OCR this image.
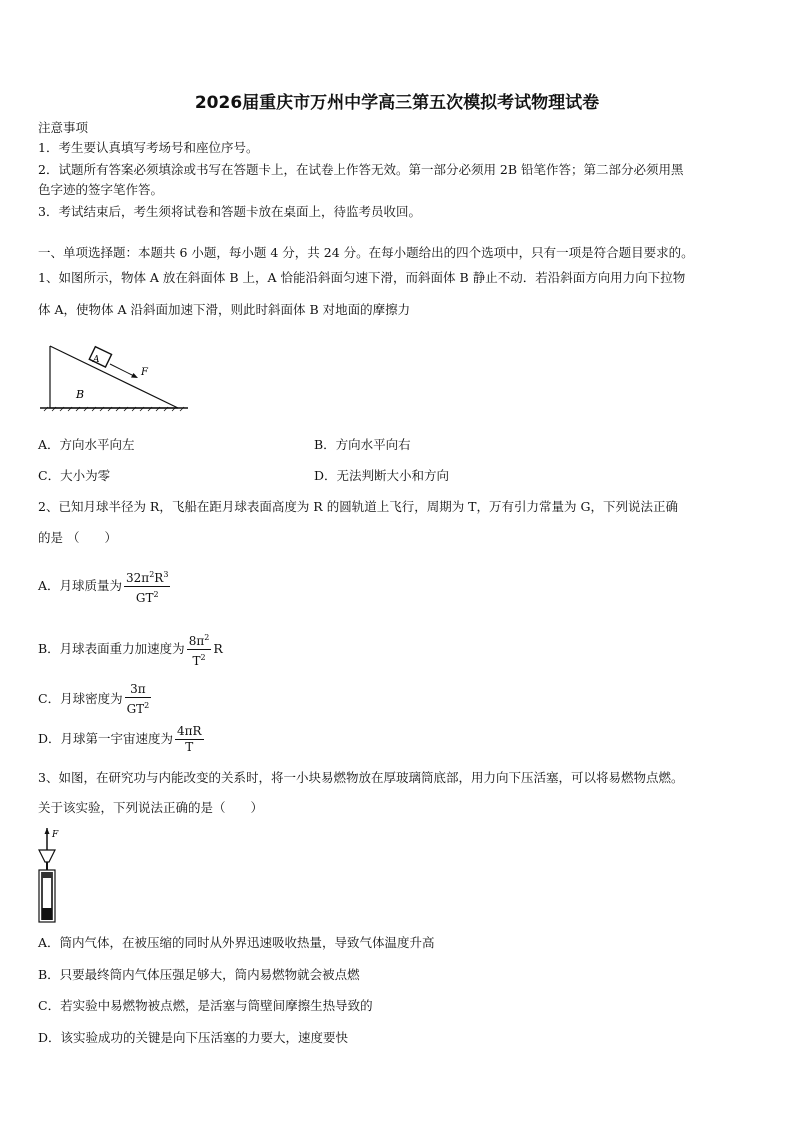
2026届重庆市万州中学高三第五次模拟考试物理试卷
注意事项
1．考生要认真填写考场号和座位序号。
2．试题所有答案必须填涂或书写在答题卡上，在试卷上作答无效。第一部分必须用 2B 铅笔作答；第二部分必须用黑
色字迹的签字笔作答。
3．考试结束后，考生须将试卷和答题卡放在桌面上，待监考员收回。
一、单项选择题：本题共 6 小题，每小题 4 分，共 24 分。在每小题给出的四个选项中，只有一项是符合题目要求的。
1、如图所示，物体 A 放在斜面体 B 上，A 恰能沿斜面匀速下滑，而斜面体 B 静止不动．若沿斜面方向用力向下拉物
体 A，使物体 A 沿斜面加速下滑，则此时斜面体 B 对地面的摩擦力
A
F
B
A．方向水平向左	B．方向水平向右
C．大小为零	D．无法判断大小和方向
2、已知月球半径为 R，飞船在距月球表面高度为 R 的圆轨道上飞行，周期为 T，万有引力常量为 G，下列说法正确
的是 （　　）
A．月球质量为 $\frac{32\pi^2R^3}{GT^2}$
B．月球表面重力加速度为 $\frac{8\pi^2}{T^2}$ R
C．月球密度为 $\frac{3\pi}{GT^2}$
D．月球第一宇宙速度为 $\frac{4\pi R}{T}$
3、如图，在研究功与内能改变的关系时，将一小块易燃物放在厚玻璃筒底部，用力向下压活塞，可以将易燃物点燃。
关于该实验，下列说法正确的是（　　）
F
A．筒内气体，在被压缩的同时从外界迅速吸收热量，导致气体温度升高
B．只要最终筒内气体压强足够大，筒内易燃物就会被点燃
C．若实验中易燃物被点燃，是活塞与筒壁间摩擦生热导致的
D．该实验成功的关键是向下压活塞的力要大，速度要快
